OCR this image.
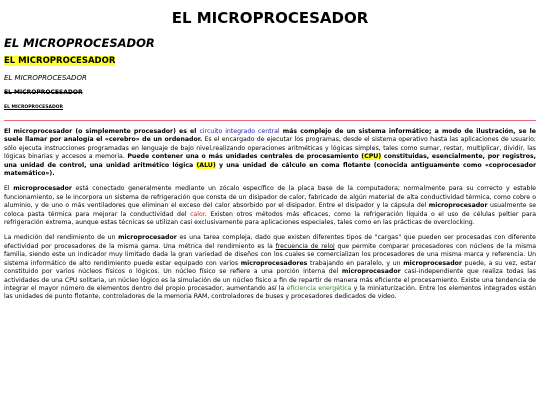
EL MICROPROCESADOR
EL MICROPROCESADOR
EL MICROPROCESADOR
EL MICROPROCESADOR
EL MICROPROCESADOR
EL MICROPROCESADOR

El microprocesador (o simplemente procesador) es el circuito integrado central más complejo de un sistema informático; a modo de ilustración, se le suele llamar por analogía el «cerebro» de un ordenador. Es el encargado de ejecutar los programas, desde el sistema operativo hasta las aplicaciones de usuario; sólo ejecuta instrucciones programadas en lenguaje de bajo nivel,realizando operaciones aritméticas y lógicas simples, tales como sumar, restar, multiplicar, dividir, las lógicas binarias y accesos a memoria. Puede contener una o más unidades centrales de procesamiento (CPU) constituidas, esencialmente, por registros, una unidad de control, una unidad aritmético lógica (ALU) y una unidad de cálculo en coma flotante (conocida antiguamente como «coprocesador matemático»).

El microprocesador está conectado generalmente mediante un zócalo específico de la placa base de la computadora; normalmente para su correcto y estable funcionamiento, se le incorpora un sistema de refrigeración que consta de un disipador de calor, fabricado de algún material de alta conductividad térmica, como cobre o aluminio, y de uno o más ventiladores que eliminan el exceso del calor absorbido por el disipador. Entre el disipador y la cápsula del microprocesador usualmente se coloca pasta térmica para mejorar la conductividad del calor. Existen otros métodos más eficaces, como la refrigeración líquida o el uso de células peltier para refrigeración extrema, aunque estas técnicas se utilizan casi exclusivamente para aplicaciones especiales, tales como en las prácticas de overclocking.

La medición del rendimiento de un microprocesador es una tarea compleja, dado que existen diferentes tipos de "cargas" que pueden ser procesadas con diferente efectividad por procesadores de la misma gama. Una métrica del rendimiento es la frecuencia de reloj que permite comparar procesadores con núcleos de la misma familia, siendo este un indicador muy limitado dada la gran variedad de diseños con los cuales se comercializan los procesadores de una misma marca y referencia. Un sistema informático de alto rendimiento puede estar equipado con varios microprocesadores trabajando en paralelo, y un microprocesador puede, a su vez, estar constituido por varios núcleos físicos o lógicos. Un núcleo físico se refiere a una porción interna del microprocesador casi-independiente que realiza todas las actividades de una CPU solitaria, un núcleo lógico es la simulación de un núcleo físico a fin de repartir de manera más eficiente el procesamiento. Existe una tendencia de integrar el mayor número de elementos dentro del propio procesador, aumentando así la eficiencia energética y la miniaturización. Entre los elementos integrados están las unidades de punto flotante, controladores de la memoria RAM, controladores de buses y procesadores dedicados de video.
